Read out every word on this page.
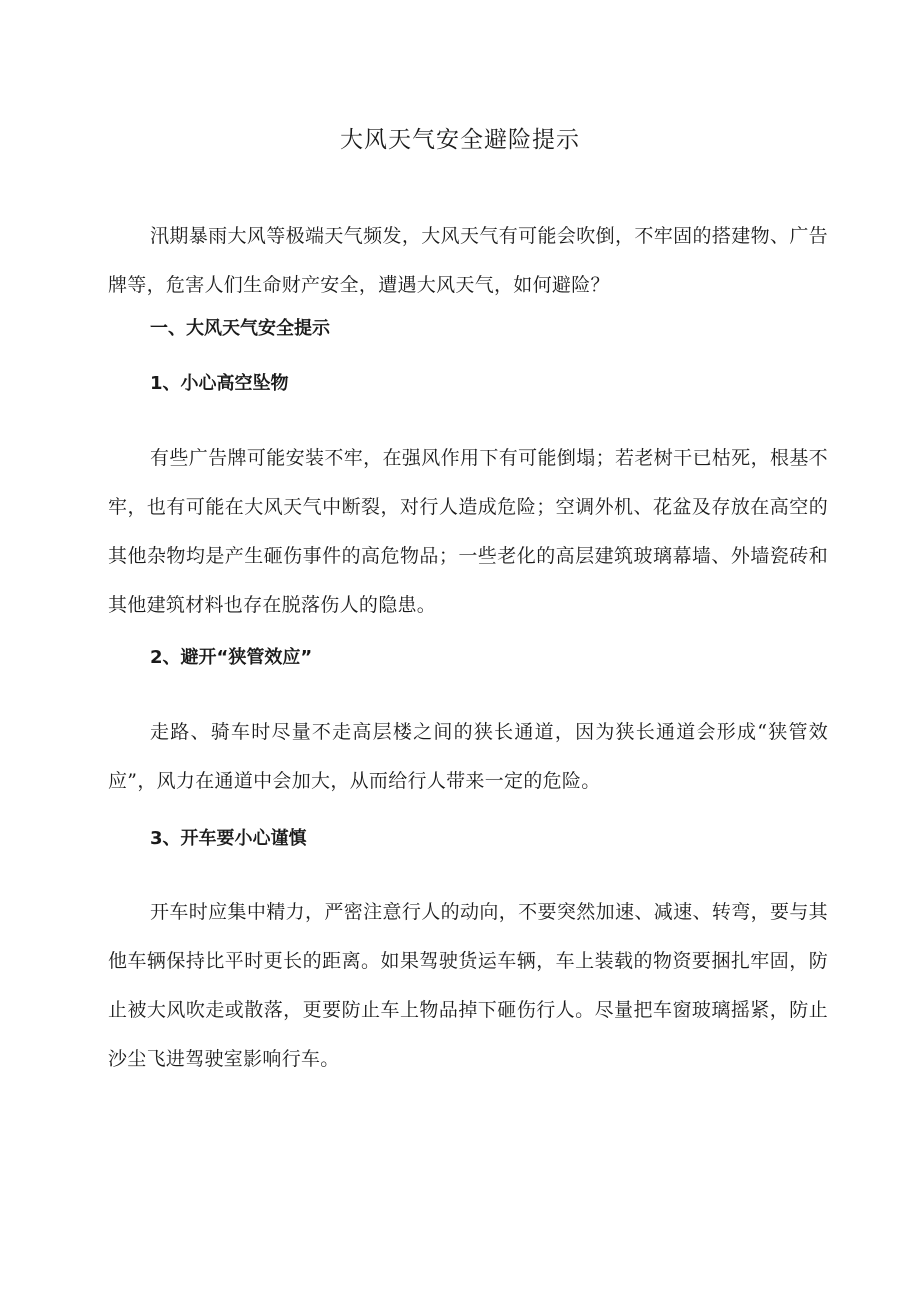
大风天气安全避险提示

汛期暴雨大风等极端天气频发，大风天气有可能会吹倒，不牢固的搭建物、广告牌等，危害人们生命财产安全，遭遇大风天气，如何避险？

一、大风天气安全提示
1、小心高空坠物

有些广告牌可能安装不牢，在强风作用下有可能倒塌；若老树干已枯死，根基不牢，也有可能在大风天气中断裂，对行人造成危险；空调外机、花盆及存放在高空的其他杂物均是产生砸伤事件的高危物品；一些老化的高层建筑玻璃幕墙、外墙瓷砖和其他建筑材料也存在脱落伤人的隐患。

2、避开“狭管效应”

走路、骑车时尽量不走高层楼之间的狭长通道，因为狭长通道会形成“狭管效应”，风力在通道中会加大，从而给行人带来一定的危险。

3、开车要小心谨慎

开车时应集中精力，严密注意行人的动向，不要突然加速、减速、转弯，要与其他车辆保持比平时更长的距离。如果驾驶货运车辆，车上装载的物资要捆扎牢固，防止被大风吹走或散落，更要防止车上物品掉下砸伤行人。尽量把车窗玻璃摇紧，防止沙尘飞进驾驶室影响行车。
